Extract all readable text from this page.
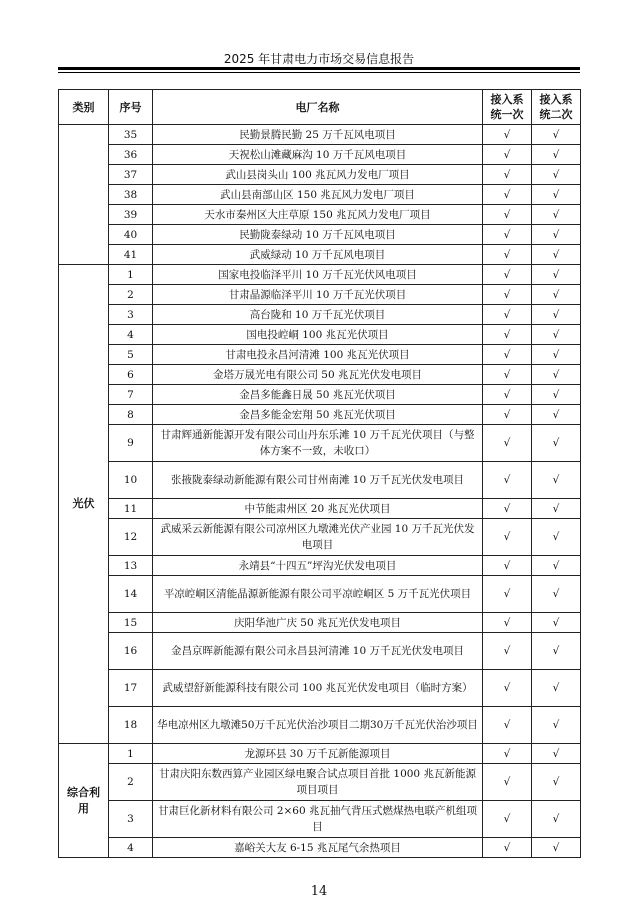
2025 年甘肃电力市场交易信息报告
类别	序号	电厂名称	接入系统一次	接入系统二次
	35	民勤景腾民勤 25 万千瓦风电项目	√	√
	36	天祝松山滩藏麻沟 10 万千瓦风电项目	√	√
	37	武山县岗头山 100 兆瓦风力发电厂项目	√	√
	38	武山县南部山区 150 兆瓦风力发电厂项目	√	√
	39	天水市秦州区大庄草原 150 兆瓦风力发电厂项目	√	√
	40	民勤陇泰绿动 10 万千瓦风电项目	√	√
	41	武威绿动 10 万千瓦风电项目	√	√
光伏	1	国家电投临泽平川 10 万千瓦光伏风电项目	√	√
	2	甘肃晶源临泽平川 10 万千瓦光伏项目	√	√
	3	高台陇和 10 万千瓦光伏项目	√	√
	4	国电投崆峒 100 兆瓦光伏项目	√	√
	5	甘肃电投永昌河清滩 100 兆瓦光伏项目	√	√
	6	金塔万晟光电有限公司 50 兆瓦光伏发电项目	√	√
	7	金昌多能鑫日晟 50 兆瓦光伏项目	√	√
	8	金昌多能金宏翔 50 兆瓦光伏项目	√	√
	9	甘肃辉通新能源开发有限公司山丹东乐滩 10 万千瓦光伏项目（与整体方案不一致，未收口）	√	√
	10	张掖陇泰绿动新能源有限公司甘州南滩 10 万千瓦光伏发电项目	√	√
	11	中节能肃州区 20 兆瓦光伏项目	√	√
	12	武威采云新能源有限公司凉州区九墩滩光伏产业园 10 万千瓦光伏发电项目	√	√
	13	永靖县“十四五”坪沟光伏发电项目	√	√
	14	平凉崆峒区清能晶源新能源有限公司平凉崆峒区 5 万千瓦光伏项目	√	√
	15	庆阳华池广庆 50 兆瓦光伏发电项目	√	√
	16	金昌京晖新能源有限公司永昌县河清滩 10 万千瓦光伏发电项目	√	√
	17	武威望舒新能源科技有限公司 100 兆瓦光伏发电项目（临时方案）	√	√
	18	华电凉州区九墩滩50万千瓦光伏治沙项目二期30万千瓦光伏治沙项目	√	√
综合利用	1	龙源环县 30 万千瓦新能源项目	√	√
	2	甘肃庆阳东数西算产业园区绿电聚合试点项目首批 1000 兆瓦新能源项目项目	√	√
	3	甘肃巨化新材料有限公司 2×60 兆瓦抽气背压式燃煤热电联产机组项目	√	√
	4	嘉峪关大友 6-15 兆瓦尾气余热项目	√	√
14
